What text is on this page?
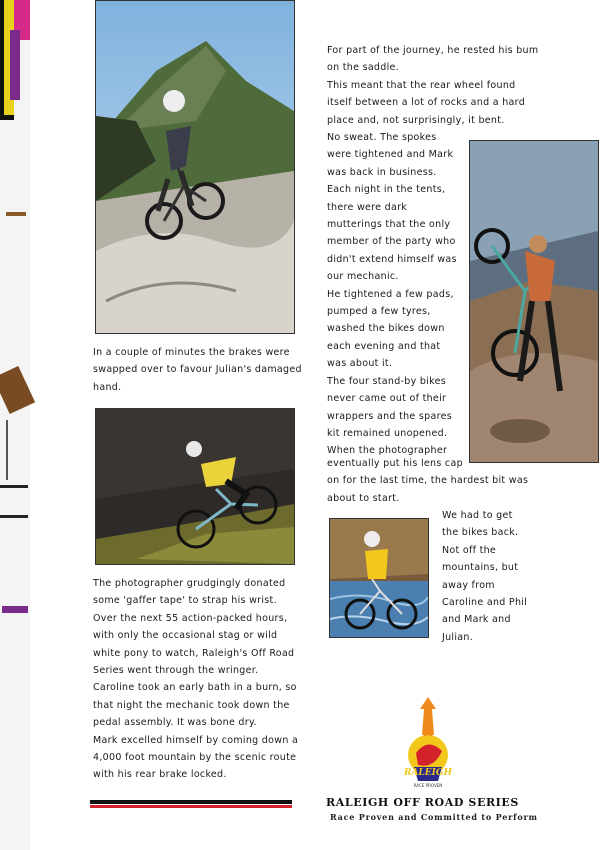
In a couple of minutes the brakes were

swapped over to favour Julian's damaged

hand.

The photographer grudgingly donated

some 'gaffer tape' to strap his wrist.

Over the next 55 action-packed hours,

with only the occasional stag or wild

white pony to watch, Raleigh's Off Road

Series went through the wringer.

Caroline took an early bath in a burn, so

that night the mechanic took down the

pedal assembly. It was bone dry.

Mark excelled himself by coming down a

4,000 foot mountain by the scenic route

with his rear brake locked.

For part of the journey, he rested his bum

on the saddle.

This meant that the rear wheel found

itself between a lot of rocks and a hard

place and, not surprisingly, it bent.

No sweat. The spokes

were tightened and Mark

was back in business.

Each night in the tents,

there were dark

mutterings that the only

member of the party who

didn't extend himself was

our mechanic.

He tightened a few pads,

pumped a few tyres,

washed the bikes down

each evening and that

was about it.

The four stand-by bikes

never came out of their

wrappers and the spares

kit remained unopened.

When the photographer

eventually put his lens cap

on for the last time, the hardest bit was

about to start.

We had to get

the bikes back.

Not off the

mountains, but

away from

Caroline and Phil

and Mark and

Julian.

RALEIGH
RACE PROVEN
RALEIGH OFF ROAD SERIES
Race Proven and Committed to Perform
